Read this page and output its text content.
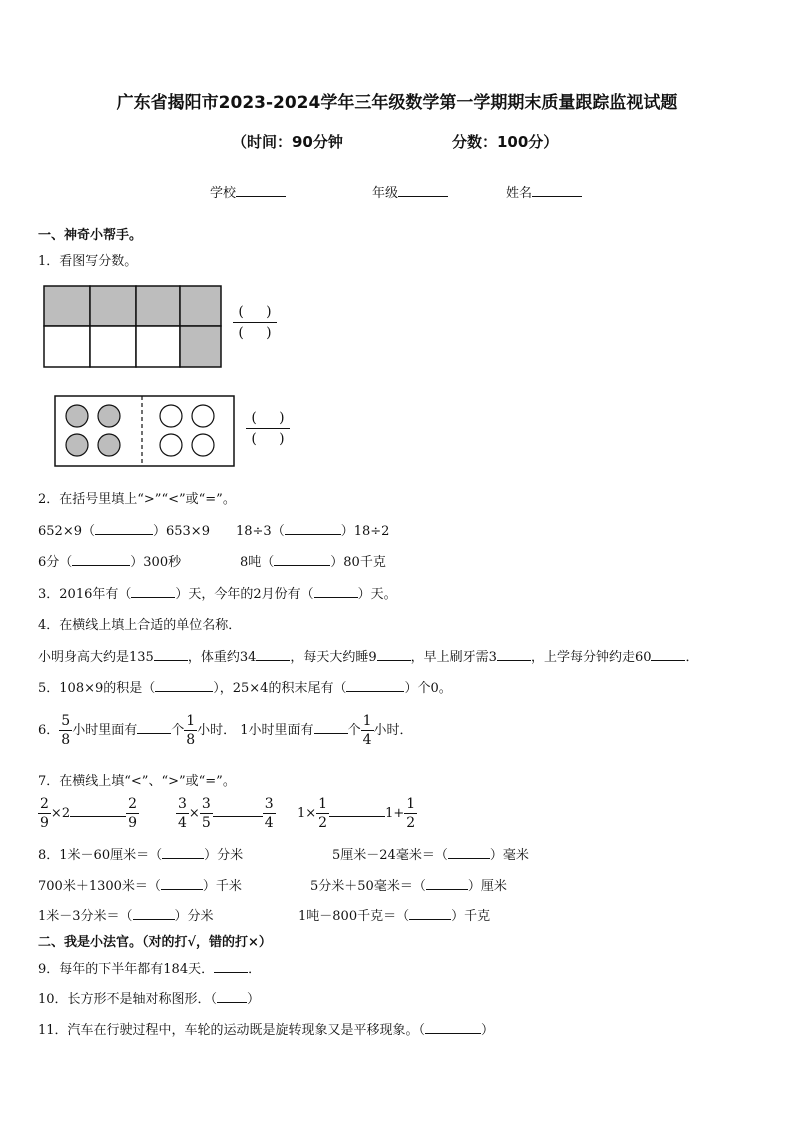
广东省揭阳市2023-2024学年三年级数学第一学期期末质量跟踪监视试题
（时间：90分钟	分数：100分）
学校	年级	姓名
一、神奇小帮手。
1．看图写分数。
( )
( )
( )
( )
2．在括号里填上“>”“<”或“=”。
652×9（	）653×9 18÷3（	）18÷2
6分（	）300秒	8吨（	）80千克
3．2016年有（	）天，今年的2月份有（	）天。
4．在横线上填上合适的单位名称．
小明身高大约是135	，体重约34	，每天大约睡9	，早上刷牙需3	，上学每分钟约走60	．
5．108×9的积是（	），25×4的积末尾有（	）个0。
6． $\frac{5}{8}$ 小时里面有	个 $\frac{1}{8}$ 小时． 1小时里面有	个 $\frac{1}{4}$ 小时．
7．在横线上填“<”、“>”或“=”。
$\frac{2}{9} \times 2$	$\frac{2}{9}$	$\frac{3}{4} \times \frac{3}{5}$	$\frac{3}{4} 1\times \frac{1}{2}$	$1+ \frac{1}{2}$
8．1米－60厘米＝（	）分米	5厘米－24毫米＝（	）毫米
700米＋1300米＝（	）千米	5分米＋50毫米＝（	）厘米
1米－3分米＝（	）分米	1吨－800千克＝（	）千克
二、我是小法官。（对的打√，错的打×）
9．每年的下半年都有184天．	．
10．长方形不是轴对称图形．（ ）
11．汽车在行驶过程中，车轮的运动既是旋转现象又是平移现象。（	）
